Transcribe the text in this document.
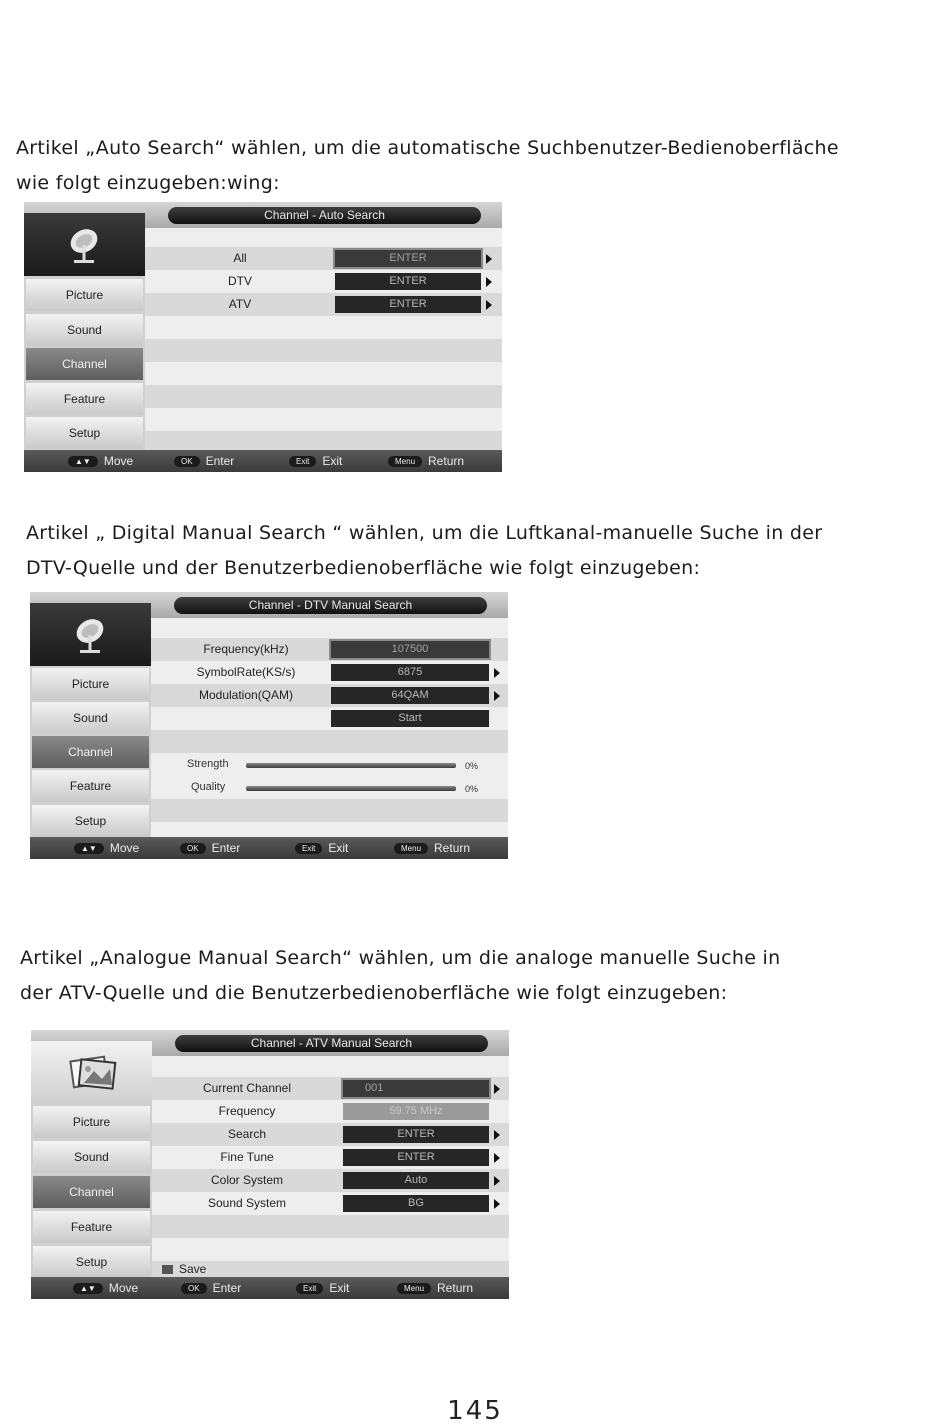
Artikel „Auto Search“ wählen, um die automatische Suchbenutzer-Bedienoberfläche
wie folgt einzugeben:wing:

Channel - Auto Search
Picture
Sound
Channel
Feature
Setup
All	ENTER
DTV	ENTER
ATV	ENTER
▲▼	Move	OK	Enter	Exit	Exit	Menu	Return

Artikel „ Digital Manual Search “ wählen, um die Luftkanal-manuelle Suche in der
DTV-Quelle und der Benutzerbedienoberfläche wie folgt einzugeben:

Channel - DTV Manual Search
Picture
Sound
Channel
Feature
Setup
Frequency(kHz)	107500
SymbolRate(KS/s)	6875
Modulation(QAM)	64QAM
Start
Strength	0%
Quality	0%
▲▼	Move	OK	Enter	Exit	Exit	Menu	Return

Artikel „Analogue Manual Search“ wählen, um die analoge manuelle Suche in
der ATV-Quelle und die Benutzerbedienoberfläche wie folgt einzugeben:

Channel - ATV Manual Search
Picture
Sound
Channel
Feature
Setup
Current Channel	001
Frequency	59.75 MHz
Search	ENTER
Fine Tune	ENTER
Color System	Auto
Sound System	BG
Save
▲▼	Move	OK	Enter	Exit	Exit	Menu	Return
145
